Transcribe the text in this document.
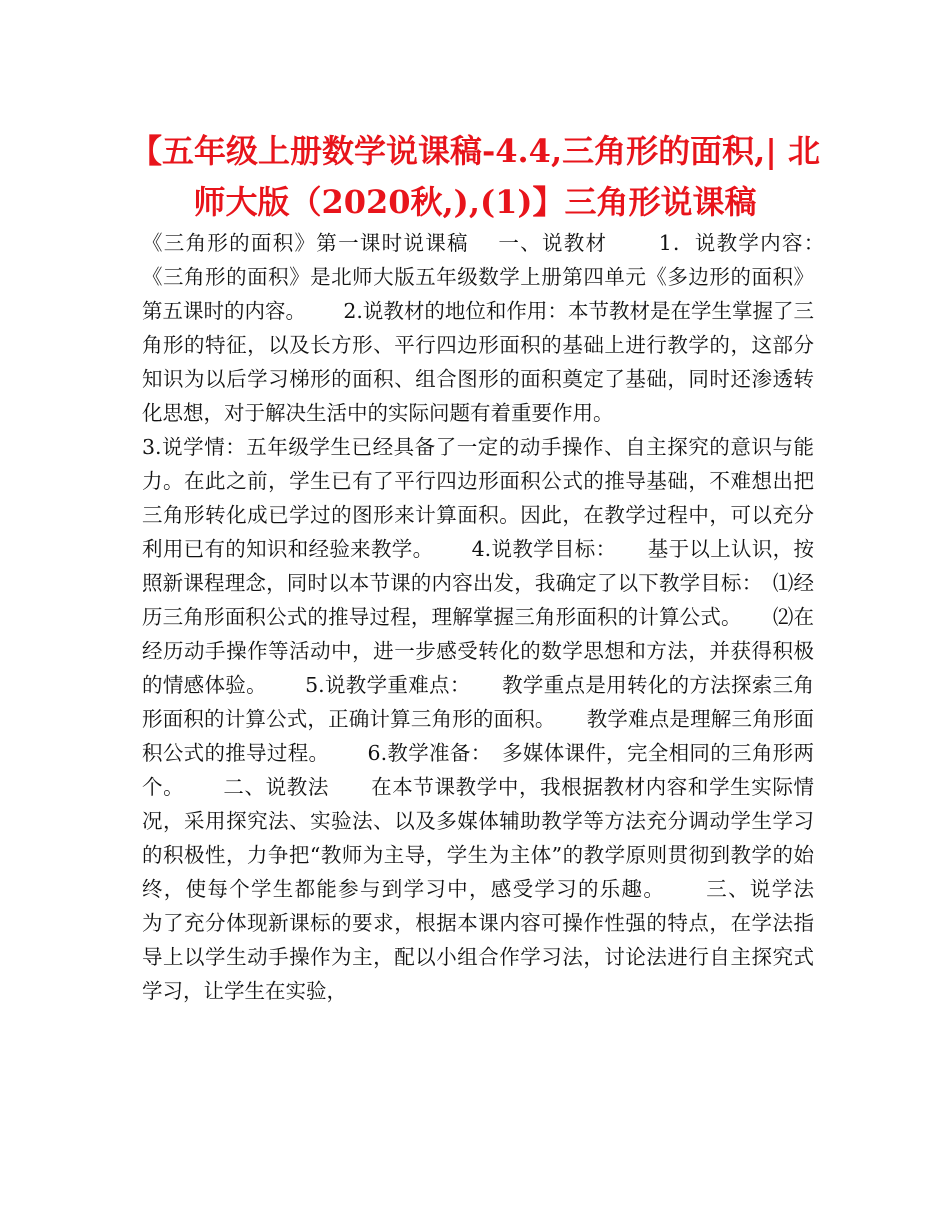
【五年级上册数学说课稿-4.4,三角形的面积,| 北师大版（2020秋,),(1)】三角形说课稿

《三角形的面积》第一课时说课稿　 一、说教材　　 1．说教学内容：　《三角形的面积》是北师大版五年级数学上册第四单元《多边形的面积》第五课时的内容。　　 2.说教材的地位和作用：本节教材是在学生掌握了三角形的特征，以及长方形、平行四边形面积的基础上进行教学的，这部分知识为以后学习梯形的面积、组合图形的面积奠定了基础，同时还渗透转化思想，对于解决生活中的实际问题有着重要作用。
3.说学情：五年级学生已经具备了一定的动手操作、自主探究的意识与能力。在此之前，学生已有了平行四边形面积公式的推导基础，不难想出把三角形转化成已学过的图形来计算面积。因此，在教学过程中，可以充分利用已有的知识和经验来教学。　　 4.说教学目标：　　基于以上认识，按照新课程理念，同时以本节课的内容出发，我确定了以下教学目标：　⑴经历三角形面积公式的推导过程，理解掌握三角形面积的计算公式。　　⑵在经历动手操作等活动中，进一步感受转化的数学思想和方法，并获得积极的情感体验。　　 5.说教学重难点：　　教学重点是用转化的方法探索三角形面积的计算公式，正确计算三角形的面积。　　教学难点是理解三角形面积公式的推导过程。　　 6.教学准备：　多媒体课件，完全相同的三角形两个。　　 二、说教法　　在本节课教学中，我根据教材内容和学生实际情况，采用探究法、实验法、以及多媒体辅助教学等方法充分调动学生学习的积极性，力争把“教师为主导，学生为主体”的教学原则贯彻到教学的始终，使每个学生都能参与到学习中，感受学习的乐趣。　　 三、说学法　　为了充分体现新课标的要求，根据本课内容可操作性强的特点，在学法指导上以学生动手操作为主，配以小组合作学习法，讨论法进行自主探究式学习，让学生在实验，
